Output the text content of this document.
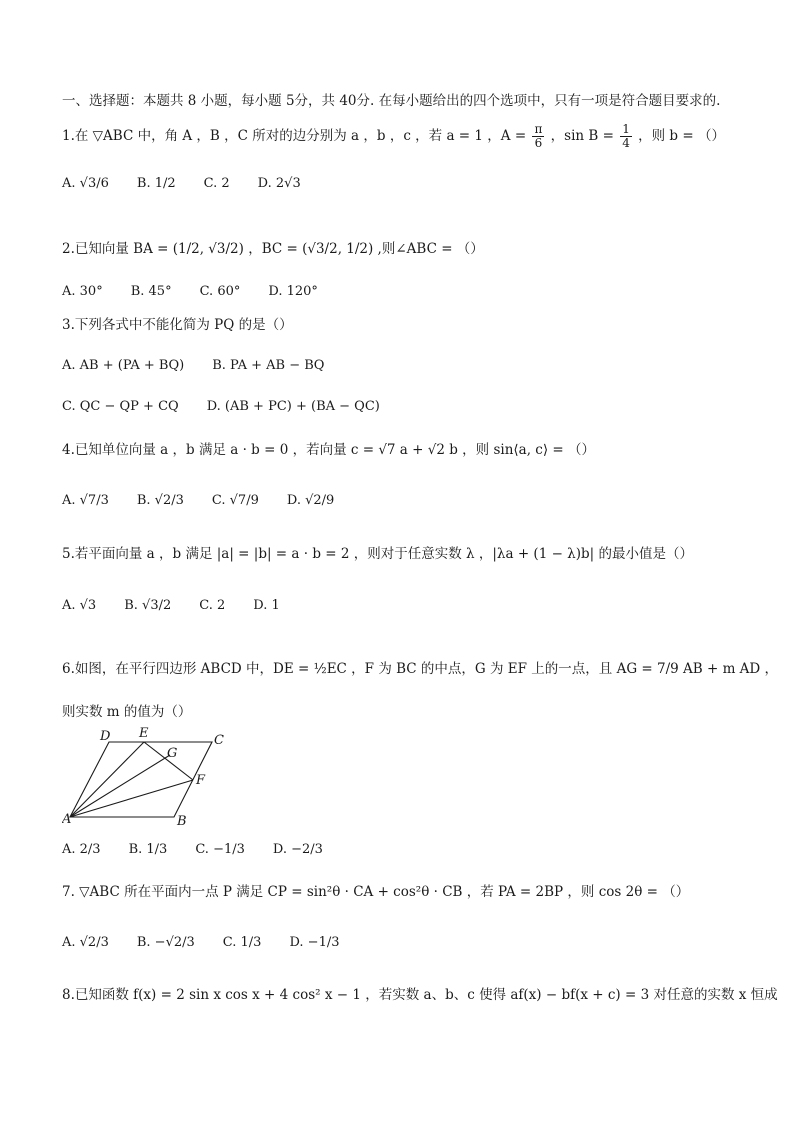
一、选择题：本题共 8 小题，每小题 5分，共 40分. 在每小题给出的四个选项中，只有一项是符合题目要求的.
1.在 ▽ABC 中，角 A ，B ，C 所对的边分别为 a ，b ，c ，若 a = 1 ，$A = \frac{\pi}{6}$ ，$\sin B = \frac{1}{4}$ ，则 b = （）
A.
√3/6 B.
1/2 C. 2 D. 2√3
2.已知向量 BA = (1/2, √3/2) ，BC = (√3/2, 1/2) ,则∠ABC = （）
A. 30° B. 45° C. 60° D. 120°
3.下列各式中不能化简为 PQ 的是（）
A. AB + (PA + BQ) B. PA + AB − BQ
C. QC − QP + CQ D. (AB + PC) + (BA − QC)
4.已知单位向量 a ，b 满足 a · b = 0 ，若向量 c = √7 a + √2 b ，则 sin⟨a, c⟩ = （）
A. √7/3 B. √2/3 C. √7/9 D. √2/9
5.若平面向量 a ，b 满足 |a| = |b| = a · b = 2 ，则对于任意实数 λ ，|λa + (1 − λ)b| 的最小值是（）
A. √3 B. √3/2 C. 2 D. 1
6.如图，在平行四边形 ABCD 中，DE = ½EC ，F 为 BC 的中点，G 为 EF 上的一点，且 AG = 7/9 AB + m AD ，
则实数 m 的值为（）
D E
G
C
F
A	B
A. 2/3 B. 1/3 C. −1/3 D. −2/3
7. ▽ABC 所在平面内一点 P 满足 CP = sin²θ · CA + cos²θ · CB ，若 PA = 2BP ，则 cos 2θ = （）
A. √2/3 B. −√2/3 C. 1/3 D. −1/3
8.已知函数 f(x) = 2 sin x cos x + 4 cos² x − 1 ，若实数 a、b、c 使得 af(x) − bf(x + c) = 3 对任意的实数 x 恒成
